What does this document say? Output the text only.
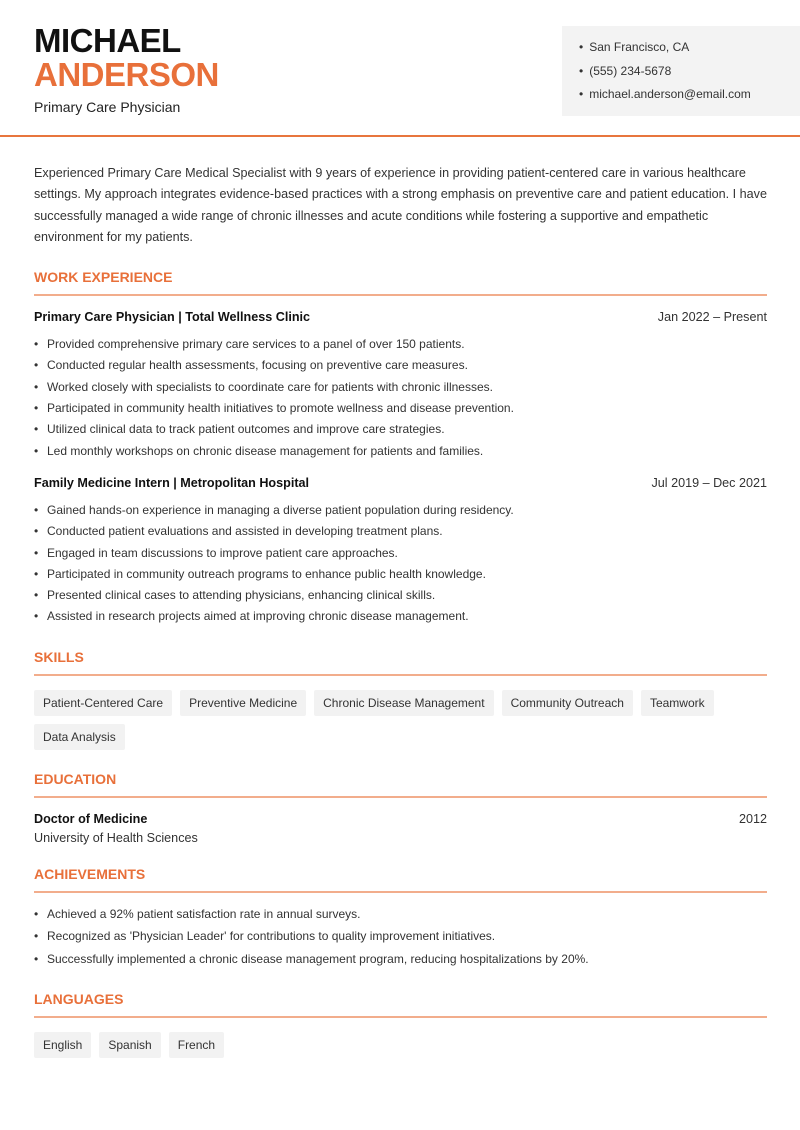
MICHAEL
ANDERSON
Primary Care Physician
• San Francisco, CA
• (555) 234-5678
• michael.anderson@email.com

Experienced Primary Care Medical Specialist with 9 years of experience in providing patient-centered care in various healthcare settings. My approach integrates evidence-based practices with a strong emphasis on preventive care and patient education. I have successfully managed a wide range of chronic illnesses and acute conditions while fostering a supportive and empathetic environment for my patients.

WORK EXPERIENCE
Primary Care Physician | Total Wellness Clinic	Jan 2022 – Present
• Provided comprehensive primary care services to a panel of over 150 patients.
• Conducted regular health assessments, focusing on preventive care measures.
• Worked closely with specialists to coordinate care for patients with chronic illnesses.
• Participated in community health initiatives to promote wellness and disease prevention.
• Utilized clinical data to track patient outcomes and improve care strategies.
• Led monthly workshops on chronic disease management for patients and families.
Family Medicine Intern | Metropolitan Hospital	Jul 2019 – Dec 2021
• Gained hands-on experience in managing a diverse patient population during residency.
• Conducted patient evaluations and assisted in developing treatment plans.
• Engaged in team discussions to improve patient care approaches.
• Participated in community outreach programs to enhance public health knowledge.
• Presented clinical cases to attending physicians, enhancing clinical skills.
• Assisted in research projects aimed at improving chronic disease management.
SKILLS
Patient-Centered Care	Preventive Medicine	Chronic Disease Management	Community Outreach	Teamwork
Data Analysis
EDUCATION
Doctor of Medicine	2012
University of Health Sciences
ACHIEVEMENTS
• Achieved a 92% patient satisfaction rate in annual surveys.
• Recognized as 'Physician Leader' for contributions to quality improvement initiatives.
• Successfully implemented a chronic disease management program, reducing hospitalizations by 20%.
LANGUAGES
English	Spanish	French
